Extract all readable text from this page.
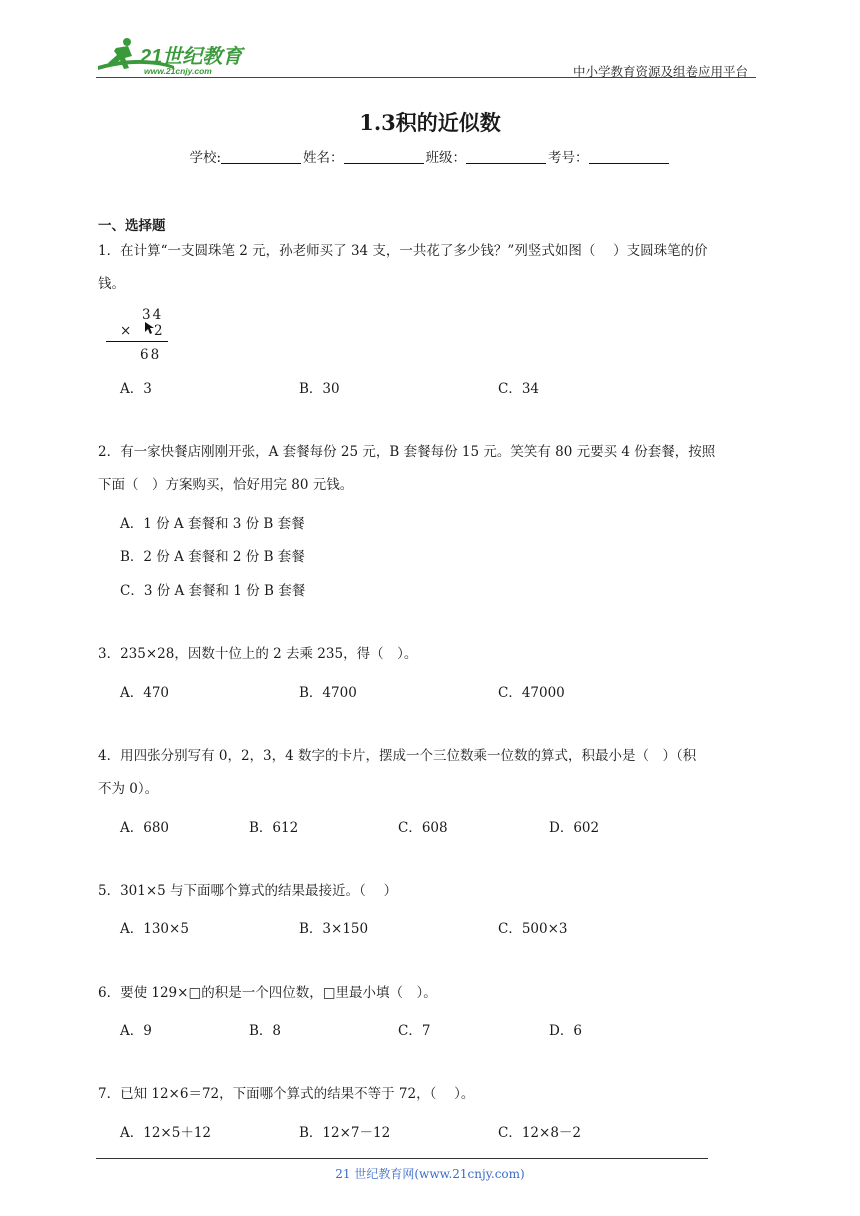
21世纪教育
www.21cnjy.com	中小学教育资源及组卷应用平台
1.3积的近似数
学校:	姓名：	班级：	考号：
一、选择题
1．在计算“一支圆珠笔 2 元，孙老师买了 34 支，一共花了多少钱？”列竖式如图（　 ）支圆珠笔的价
钱。
34
× 2
68
A．3	B．30	C．34
2．有一家快餐店刚刚开张，A 套餐每份 25 元，B 套餐每份 15 元。笑笑有 80 元要买 4 份套餐，按照
下面（　）方案购买，恰好用完 80 元钱。
A．1 份 A 套餐和 3 份 B 套餐
B．2 份 A 套餐和 2 份 B 套餐
C．3 份 A 套餐和 1 份 B 套餐
3．235×28，因数十位上的 2 去乘 235，得（　）。
A．470	B．4700	C．47000
4．用四张分别写有 0，2，3，4 数字的卡片，摆成一个三位数乘一位数的算式，积最小是（　）（积
不为 0）。
A．680	B．612	C．608	D．602
5．301×5 与下面哪个算式的结果最接近。（　 ）
A．130×5	B．3×150	C．500×3
6．要使 129×□的积是一个四位数，□里最小填（　）。
A．9	B．8	C．7	D．6
7．已知 12×6＝72，下面哪个算式的结果不等于 72，（　 ）。
A．12×5＋12	B．12×7－12	C．12×8－2
21 世纪教育网(www.21cnjy.com)
